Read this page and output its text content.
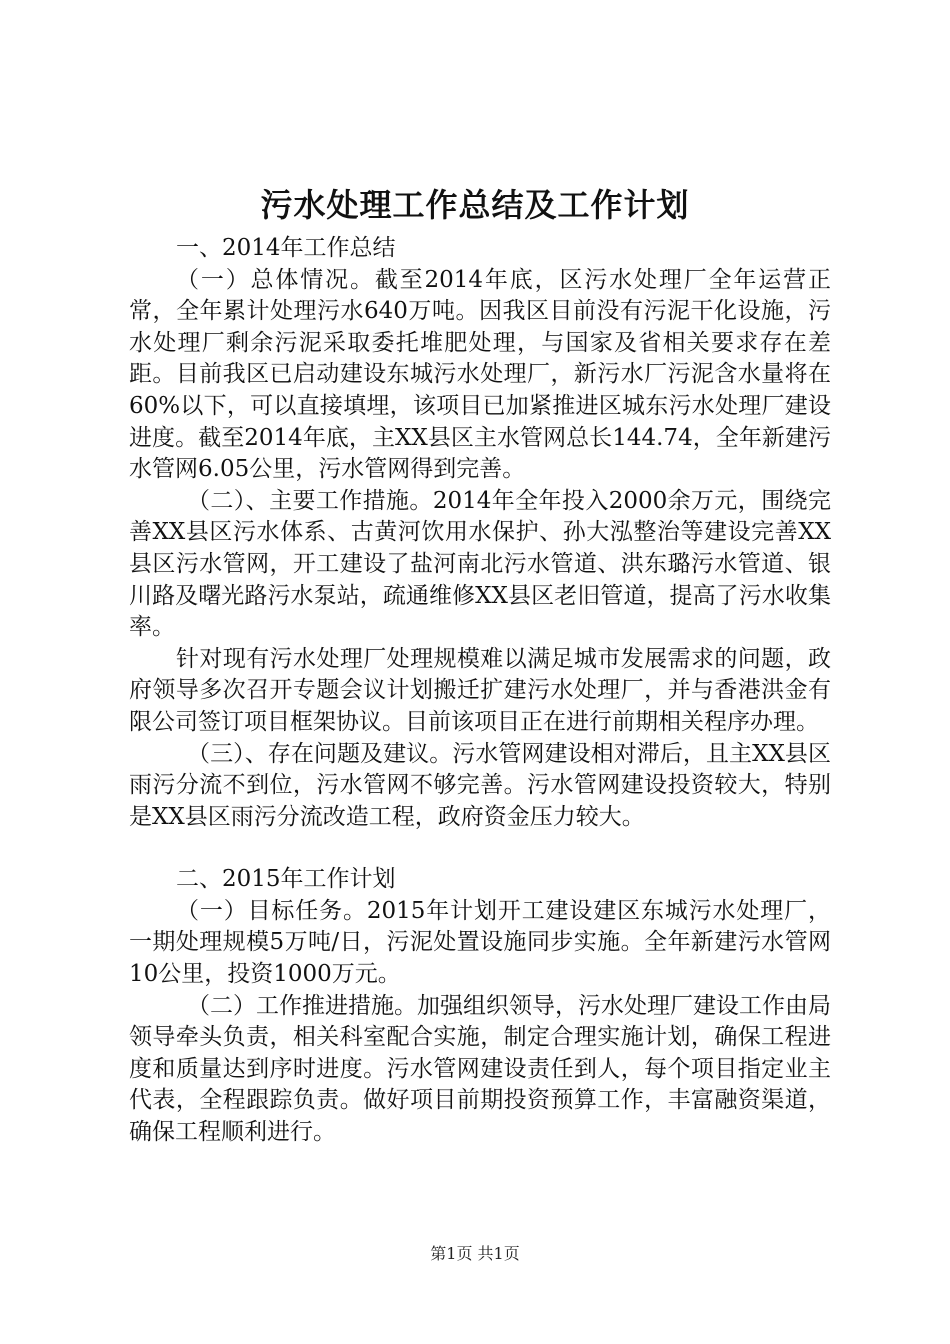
污水处理工作总结及工作计划

一、2014年工作总结

（一）总体情况。截至2014年底，区污水处理厂全年运营正常，全年累计处理污水640万吨。因我区目前没有污泥干化设施，污水处理厂剩余污泥采取委托堆肥处理，与国家及省相关要求存在差距。目前我区已启动建设东城污水处理厂，新污水厂污泥含水量将在60%以下，可以直接填埋，该项目已加紧推进区城东污水处理厂建设进度。截至2014年底，主XX县区主水管网总长144.74，全年新建污水管网6.05公里，污水管网得到完善。

（二）、主要工作措施。2014年全年投入2000余万元，围绕完善XX县区污水体系、古黄河饮用水保护、孙大泓整治等建设完善XX县区污水管网，开工建设了盐河南北污水管道、洪东璐污水管道、银川路及曙光路污水泵站，疏通维修XX县区老旧管道，提高了污水收集率。

针对现有污水处理厂处理规模难以满足城市发展需求的问题，政府领导多次召开专题会议计划搬迁扩建污水处理厂，并与香港洪金有限公司签订项目框架协议。目前该项目正在进行前期相关程序办理。

（三）、存在问题及建议。污水管网建设相对滞后，且主XX县区雨污分流不到位，污水管网不够完善。污水管网建设投资较大，特别是XX县区雨污分流改造工程，政府资金压力较大。

二、2015年工作计划

（一）目标任务。2015年计划开工建设建区东城污水处理厂，一期处理规模5万吨/日，污泥处置设施同步实施。全年新建污水管网10公里，投资1000万元。

（二）工作推进措施。加强组织领导，污水处理厂建设工作由局领导牵头负责，相关科室配合实施，制定合理实施计划，确保工程进度和质量达到序时进度。污水管网建设责任到人，每个项目指定业主代表，全程跟踪负责。做好项目前期投资预算工作，丰富融资渠道，确保工程顺利进行。

第1页 共1页
